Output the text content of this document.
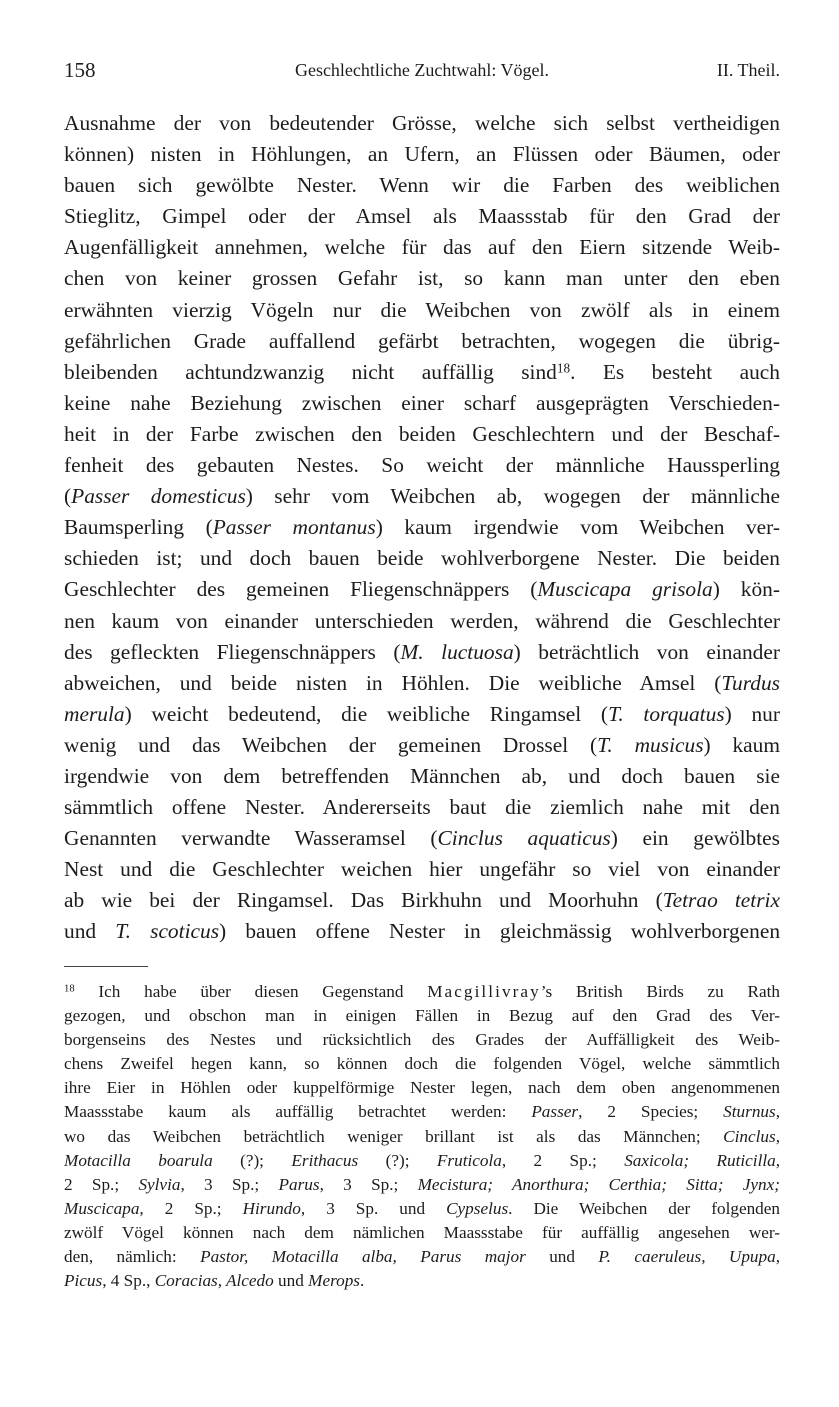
158	Geschlechtliche Zuchtwahl: Vögel.	II. Theil.
Ausnahme der von bedeutender Grösse, welche sich selbst vertheidigen
können) nisten in Höhlungen, an Ufern, an Flüssen oder Bäumen, oder
bauen sich gewölbte Nester. Wenn wir die Farben des weiblichen
Stieglitz, Gimpel oder der Amsel als Maassstab für den Grad der
Augenfälligkeit annehmen, welche für das auf den Eiern sitzende Weib-
chen von keiner grossen Gefahr ist, so kann man unter den eben
erwähnten vierzig Vögeln nur die Weibchen von zwölf als in einem
gefährlichen Grade auffallend gefärbt betrachten, wogegen die übrig-
bleibenden achtundzwanzig nicht auffällig sind$^{18}$. Es besteht auch
keine nahe Beziehung zwischen einer scharf ausgeprägten Verschieden-
heit in der Farbe zwischen den beiden Geschlechtern und der Beschaf-
fenheit des gebauten Nestes. So weicht der männliche Haussperling
(Passer domesticus) sehr vom Weibchen ab, wogegen der männliche
Baumsperling (Passer montanus) kaum irgendwie vom Weibchen ver-
schieden ist; und doch bauen beide wohlverborgene Nester. Die beiden
Geschlechter des gemeinen Fliegenschnäppers (Muscicapa grisola) kön-
nen kaum von einander unterschieden werden, während die Geschlechter
des gefleckten Fliegenschnäppers (M. luctuosa) beträchtlich von einander
abweichen, und beide nisten in Höhlen. Die weibliche Amsel (Turdus
merula) weicht bedeutend, die weibliche Ringamsel (T. torquatus) nur
wenig und das Weibchen der gemeinen Drossel (T. musicus) kaum
irgendwie von dem betreffenden Männchen ab, und doch bauen sie
sämmtlich offene Nester. Andererseits baut die ziemlich nahe mit den
Genannten verwandte Wasseramsel (Cinclus aquaticus) ein gewölbtes
Nest und die Geschlechter weichen hier ungefähr so viel von einander
ab wie bei der Ringamsel. Das Birkhuhn und Moorhuhn (Tetrao tetrix
und T. scoticus) bauen offene Nester in gleichmässig wohlverborgenen
$^{18}$ Ich habe über diesen Gegenstand Macgillivray’s British Birds zu Rath
gezogen, und obschon man in einigen Fällen in Bezug auf den Grad des Ver-
borgenseins des Nestes und rücksichtlich des Grades der Auffälligkeit des Weib-
chens Zweifel hegen kann, so können doch die folgenden Vögel, welche sämmtlich
ihre Eier in Höhlen oder kuppelförmige Nester legen, nach dem oben angenommenen
Maassstabe kaum als auffällig betrachtet werden: Passer, 2 Species; Sturnus,
wo das Weibchen beträchtlich weniger brillant ist als das Männchen; Cinclus,
Motacilla boarula (?); Erithacus (?); Fruticola, 2 Sp.; Saxicola; Ruticilla,
2 Sp.; Sylvia, 3 Sp.; Parus, 3 Sp.; Mecistura; Anorthura; Certhia; Sitta; Jynx;
Muscicapa, 2 Sp.; Hirundo, 3 Sp. und Cypselus. Die Weibchen der folgenden
zwölf Vögel können nach dem nämlichen Maassstabe für auffällig angesehen wer-
den, nämlich: Pastor, Motacilla alba, Parus major und P. caeruleus, Upupa,
Picus, 4 Sp., Coracias, Alcedo und Merops.
